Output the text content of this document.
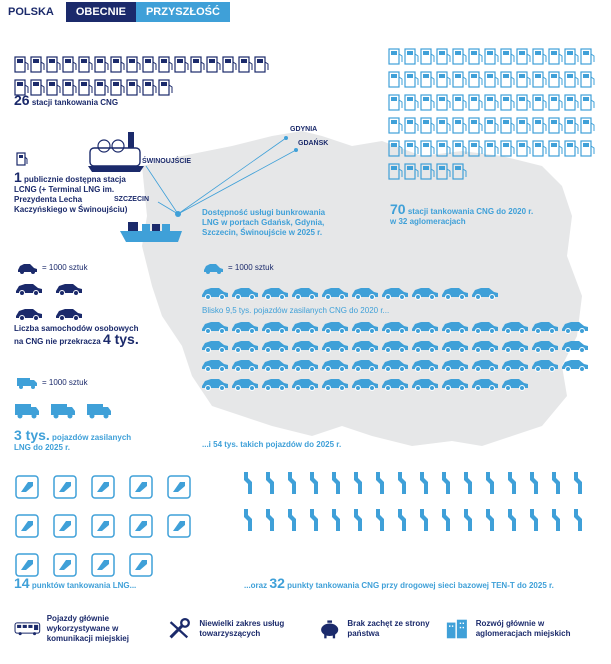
POLSKA	OBECNIE	PRZYSZŁOŚĆ
26 stacji tankowania CNG
1 publicznie dostępna stacja LCNG (+ Terminal LNG im. Prezydenta Lecha Kaczyńskiego w Świnoujściu)
GDYNIA
GDAŃSK
ŚWINOUJŚCIE
SZCZECIN
Dostępność usługi bunkrowania LNG w portach Gdańsk, Gdynia, Szczecin, Świnoujście w 2025 r.
70 stacji tankowania CNG do 2020 r.
w 32 aglomeracjach
= 1000 sztuk
Liczba samochodów osobowych na CNG nie przekracza 4 tys.
= 1000 sztuk
Blisko 9,5 tys. pojazdów zasilanych CNG do 2020 r...
...i 54 tys. takich pojazdów do 2025 r.
= 1000 sztuk
3 tys. pojazdów zasilanych LNG do 2025 r.
14 punktów tankowania LNG...	...oraz 32 punkty tankowania CNG przy drogowej sieci bazowej TEN-T do 2025 r.
Pojazdy głównie wykorzystywane w komunikacji miejskiej
Niewielki zakres usług towarzyszących
Brak zachęt ze strony państwa
Rozwój głównie w aglomeracjach miejskich
